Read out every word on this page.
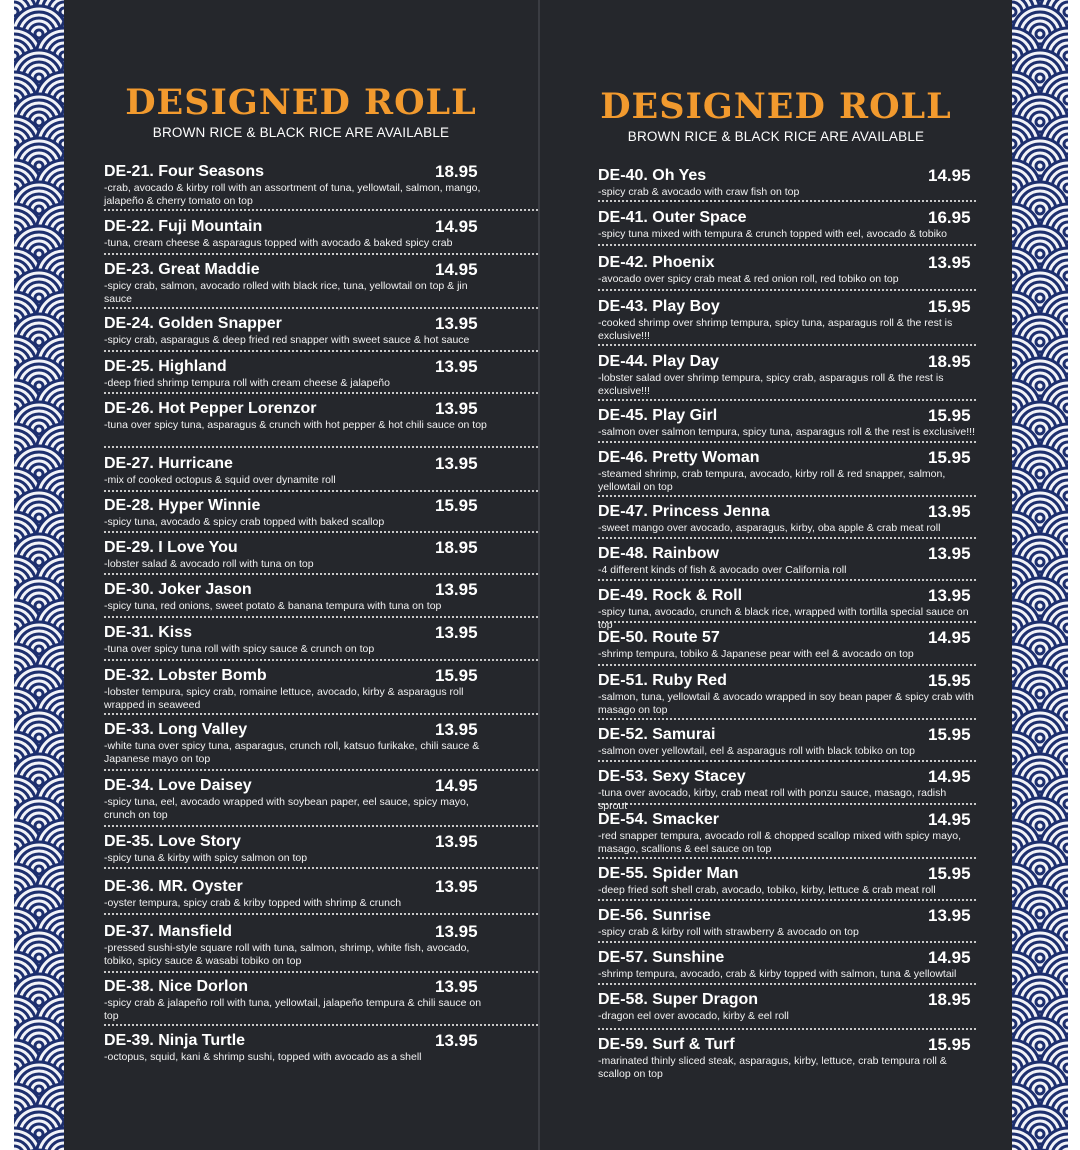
DESIGNED ROLL
BROWN RICE & BLACK RICE ARE AVAILABLE
DE-21. Four Seasons	18.95
-crab, avocado & kirby roll with an assortment of tuna, yellowtail, salmon, mango, jalapeño & cherry tomato on top
DE-22. Fuji Mountain	14.95
-tuna, cream cheese & asparagus topped with avocado & baked spicy crab
DE-23. Great Maddie	14.95
-spicy crab, salmon, avocado rolled with black rice, tuna, yellowtail on top & jin sauce
DE-24. Golden Snapper	13.95
-spicy crab, asparagus & deep fried red snapper with sweet sauce & hot sauce
DE-25. Highland	13.95
-deep fried shrimp tempura roll with cream cheese & jalapeño
DE-26. Hot Pepper Lorenzor	13.95
-tuna over spicy tuna, asparagus & crunch with hot pepper & hot chili sauce on top
DE-27. Hurricane	13.95
-mix of cooked octopus & squid over dynamite roll
DE-28. Hyper Winnie	15.95
-spicy tuna, avocado & spicy crab topped with baked scallop
DE-29. I Love You	18.95
-lobster salad & avocado roll with tuna on top
DE-30. Joker Jason	13.95
-spicy tuna, red onions, sweet potato & banana tempura with tuna on top
DE-31. Kiss	13.95
-tuna over spicy tuna roll with spicy sauce & crunch on top
DE-32. Lobster Bomb	15.95
-lobster tempura, spicy crab, romaine lettuce, avocado, kirby & asparagus roll wrapped in seaweed
DE-33. Long Valley	13.95
-white tuna over spicy tuna, asparagus, crunch roll, katsuo furikake, chili sauce & Japanese mayo on top
DE-34. Love Daisey	14.95
-spicy tuna, eel, avocado wrapped with soybean paper, eel sauce, spicy mayo, crunch on top
DE-35. Love Story	13.95
-spicy tuna & kirby with spicy salmon on top
DE-36. MR. Oyster	13.95
-oyster tempura, spicy crab & kriby topped with shrimp & crunch
DE-37. Mansfield	13.95
-pressed sushi-style square roll with tuna, salmon, shrimp, white fish, avocado, tobiko, spicy sauce & wasabi tobiko on top
DE-38. Nice Dorlon	13.95
-spicy crab & jalapeño roll with tuna, yellowtail, jalapeño tempura & chili sauce on top
DE-39. Ninja Turtle	13.95
-octopus, squid, kani & shrimp sushi, topped with avocado as a shell
DESIGNED ROLL
BROWN RICE & BLACK RICE ARE AVAILABLE
DE-40. Oh Yes	14.95
-spicy crab & avocado with craw fish on top
DE-41. Outer Space	16.95
-spicy tuna mixed with tempura & crunch topped with eel, avocado & tobiko
DE-42. Phoenix	13.95
-avocado over spicy crab meat & red onion roll, red tobiko on top
DE-43. Play Boy	15.95
-cooked shrimp over shrimp tempura, spicy tuna, asparagus roll & the rest is exclusive!!!
DE-44. Play Day	18.95
-lobster salad over shrimp tempura, spicy crab, asparagus roll & the rest is exclusive!!!
DE-45. Play Girl	15.95
-salmon over salmon tempura, spicy tuna, asparagus roll & the rest is exclusive!!!
DE-46. Pretty Woman	15.95
-steamed shrimp, crab tempura, avocado, kirby roll & red snapper, salmon, yellowtail on top
DE-47. Princess Jenna	13.95
-sweet mango over avocado, asparagus, kirby, oba apple & crab meat roll
DE-48. Rainbow	13.95
-4 different kinds of fish & avocado over California roll
DE-49. Rock & Roll	13.95
-spicy tuna, avocado, crunch & black rice, wrapped with tortilla special sauce on top
DE-50. Route 57	14.95
-shrimp tempura, tobiko & Japanese pear with eel & avocado on top
DE-51. Ruby Red	15.95
-salmon, tuna, yellowtail & avocado wrapped in soy bean paper & spicy crab with masago on top
DE-52. Samurai	15.95
-salmon over yellowtail, eel & asparagus roll with black tobiko on top
DE-53. Sexy Stacey	14.95
-tuna over avocado, kirby, crab meat roll with ponzu sauce, masago, radish sprout
DE-54. Smacker	14.95
-red snapper tempura, avocado roll & chopped scallop mixed with spicy mayo, masago, scallions & eel sauce on top
DE-55. Spider Man	15.95
-deep fried soft shell crab, avocado, tobiko, kirby, lettuce & crab meat roll
DE-56. Sunrise	13.95
-spicy crab & kirby roll with strawberry & avocado on top
DE-57. Sunshine	14.95
-shrimp tempura, avocado, crab & kirby topped with salmon, tuna & yellowtail
DE-58. Super Dragon	18.95
-dragon eel over avocado, kirby & eel roll
DE-59. Surf & Turf	15.95
-marinated thinly sliced steak, asparagus, kirby, lettuce, crab tempura roll & scallop on top
